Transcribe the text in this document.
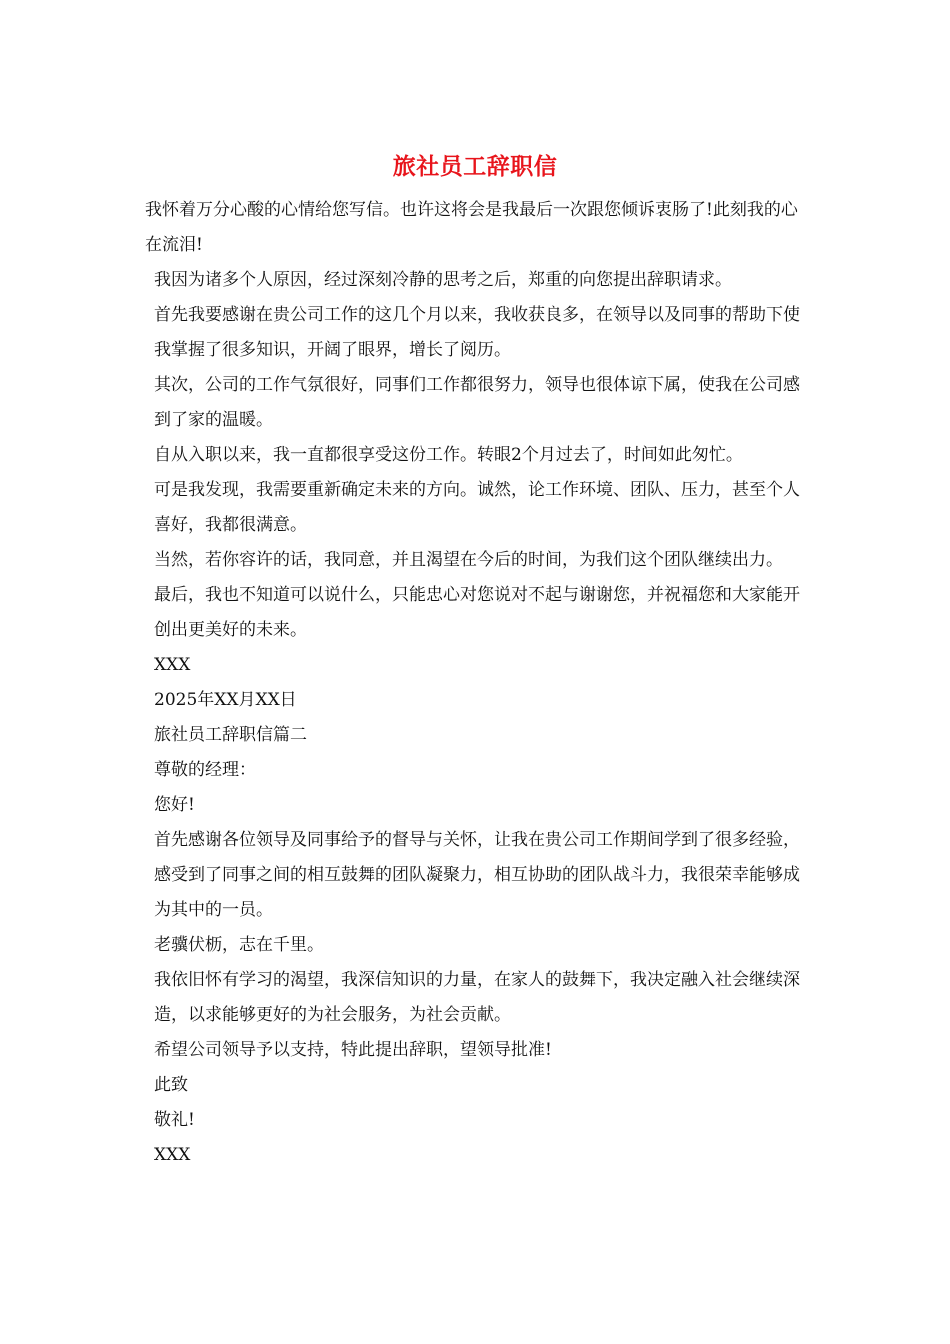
旅社员工辞职信

我怀着万分心酸的心情给您写信。也许这将会是我最后一次跟您倾诉衷肠了!此刻我的心在流泪!

我因为诸多个人原因，经过深刻冷静的思考之后，郑重的向您提出辞职请求。

首先我要感谢在贵公司工作的这几个月以来，我收获良多，在领导以及同事的帮助下使我掌握了很多知识，开阔了眼界，增长了阅历。

其次，公司的工作气氛很好，同事们工作都很努力，领导也很体谅下属，使我在公司感到了家的温暖。

自从入职以来，我一直都很享受这份工作。转眼2个月过去了，时间如此匆忙。

可是我发现，我需要重新确定未来的方向。诚然，论工作环境、团队、压力，甚至个人喜好，我都很满意。

当然，若你容许的话，我同意，并且渴望在今后的时间，为我们这个团队继续出力。

最后，我也不知道可以说什么，只能忠心对您说对不起与谢谢您，并祝福您和大家能开创出更美好的未来。

XXX

2025年XX月XX日

旅社员工辞职信篇二

尊敬的经理：

您好!

首先感谢各位领导及同事给予的督导与关怀，让我在贵公司工作期间学到了很多经验，感受到了同事之间的相互鼓舞的团队凝聚力，相互协助的团队战斗力，我很荣幸能够成为其中的一员。

老骥伏枥，志在千里。

我依旧怀有学习的渴望，我深信知识的力量，在家人的鼓舞下，我决定融入社会继续深造，以求能够更好的为社会服务，为社会贡献。

希望公司领导予以支持，特此提出辞职，望领导批准!

此致

敬礼!

XXX
